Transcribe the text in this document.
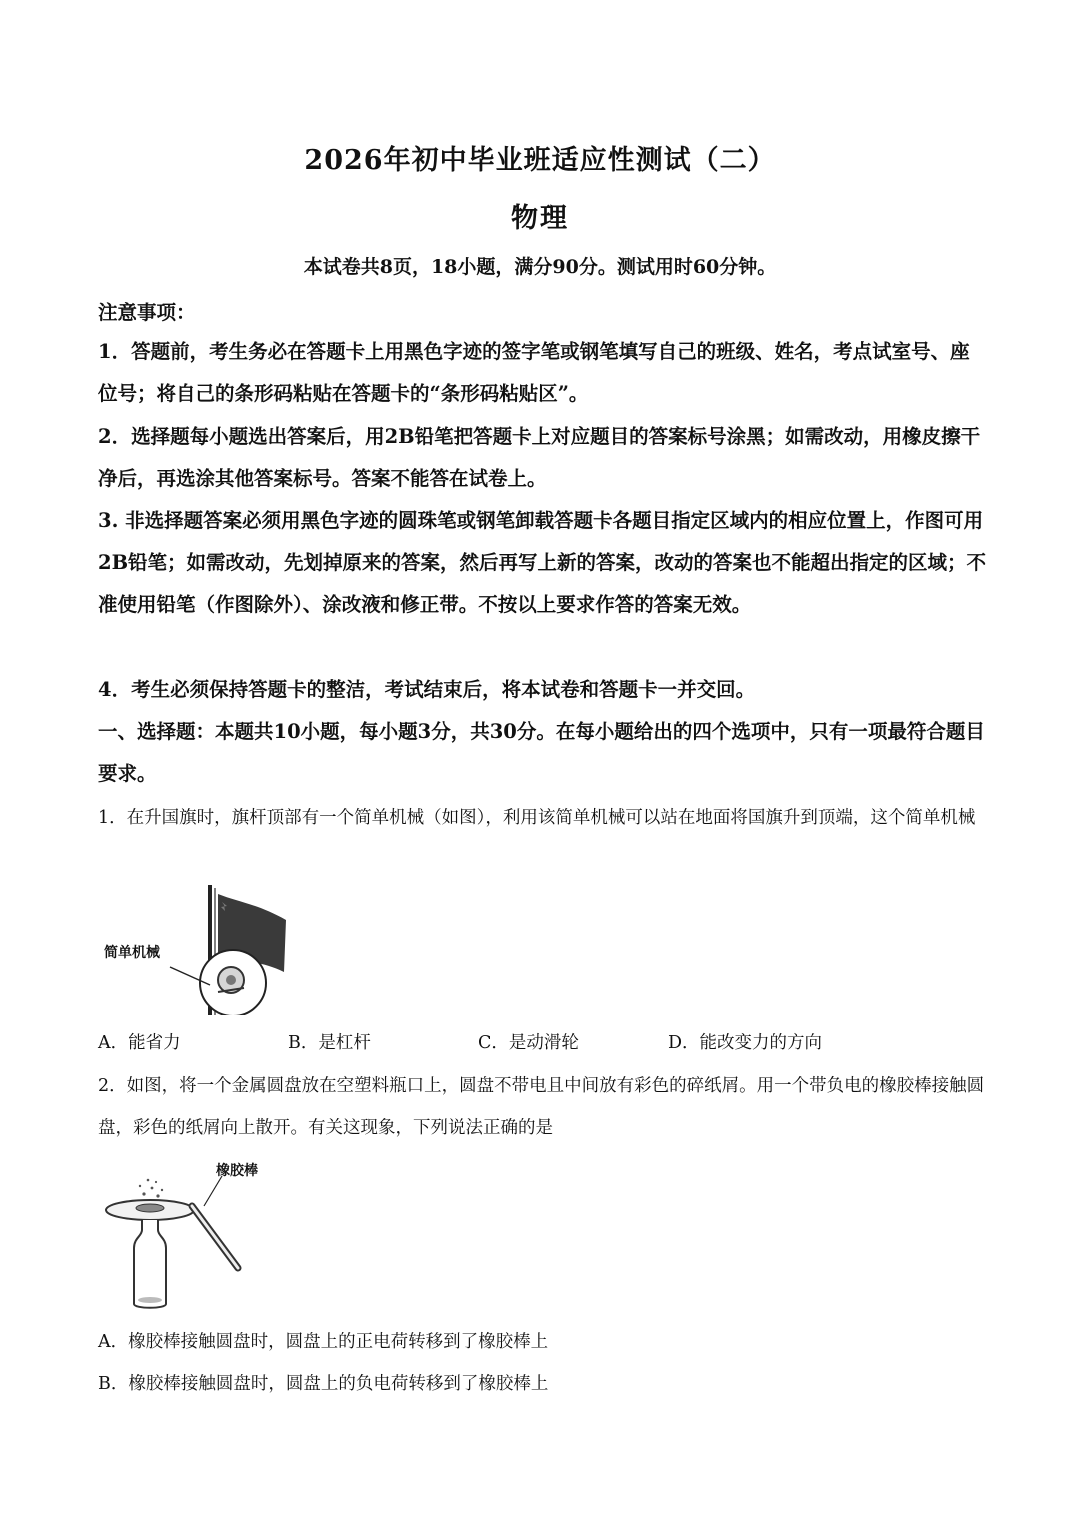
2026年初中毕业班适应性测试（二）
物理
本试卷共8页，18小题，满分90分。测试用时60分钟。
注意事项：
1．答题前，考生务必在答题卡上用黑色字迹的签字笔或钢笔填写自己的班级、姓名，考点试室号、座位号；将自己的条形码粘贴在答题卡的“条形码粘贴区”。
2．选择题每小题选出答案后，用2B铅笔把答题卡上对应题目的答案标号涂黑；如需改动，用橡皮擦干净后，再选涂其他答案标号。答案不能答在试卷上。
3. 非选择题答案必须用黑色字迹的圆珠笔或钢笔卸载答题卡各题目指定区域内的相应位置上，作图可用2B铅笔；如需改动，先划掉原来的答案，然后再写上新的答案，改动的答案也不能超出指定的区域；不准使用铅笔（作图除外）、涂改液和修正带。不按以上要求作答的答案无效。
4．考生必须保持答题卡的整洁，考试结束后，将本试卷和答题卡一并交回。
一、选择题：本题共10小题，每小题3分，共30分。在每小题给出的四个选项中，只有一项最符合题目要求。
1．在升国旗时，旗杆顶部有一个简单机械（如图），利用该简单机械可以站在地面将国旗升到顶端，这个简单机械
简单机械
A．能省力	B．是杠杆	C．是动滑轮	D．能改变力的方向
2．如图，将一个金属圆盘放在空塑料瓶口上，圆盘不带电且中间放有彩色的碎纸屑。用一个带负电的橡胶棒接触圆盘，彩色的纸屑向上散开。有关这现象，下列说法正确的是
橡胶棒
A．橡胶棒接触圆盘时，圆盘上的正电荷转移到了橡胶棒上
B．橡胶棒接触圆盘时，圆盘上的负电荷转移到了橡胶棒上
